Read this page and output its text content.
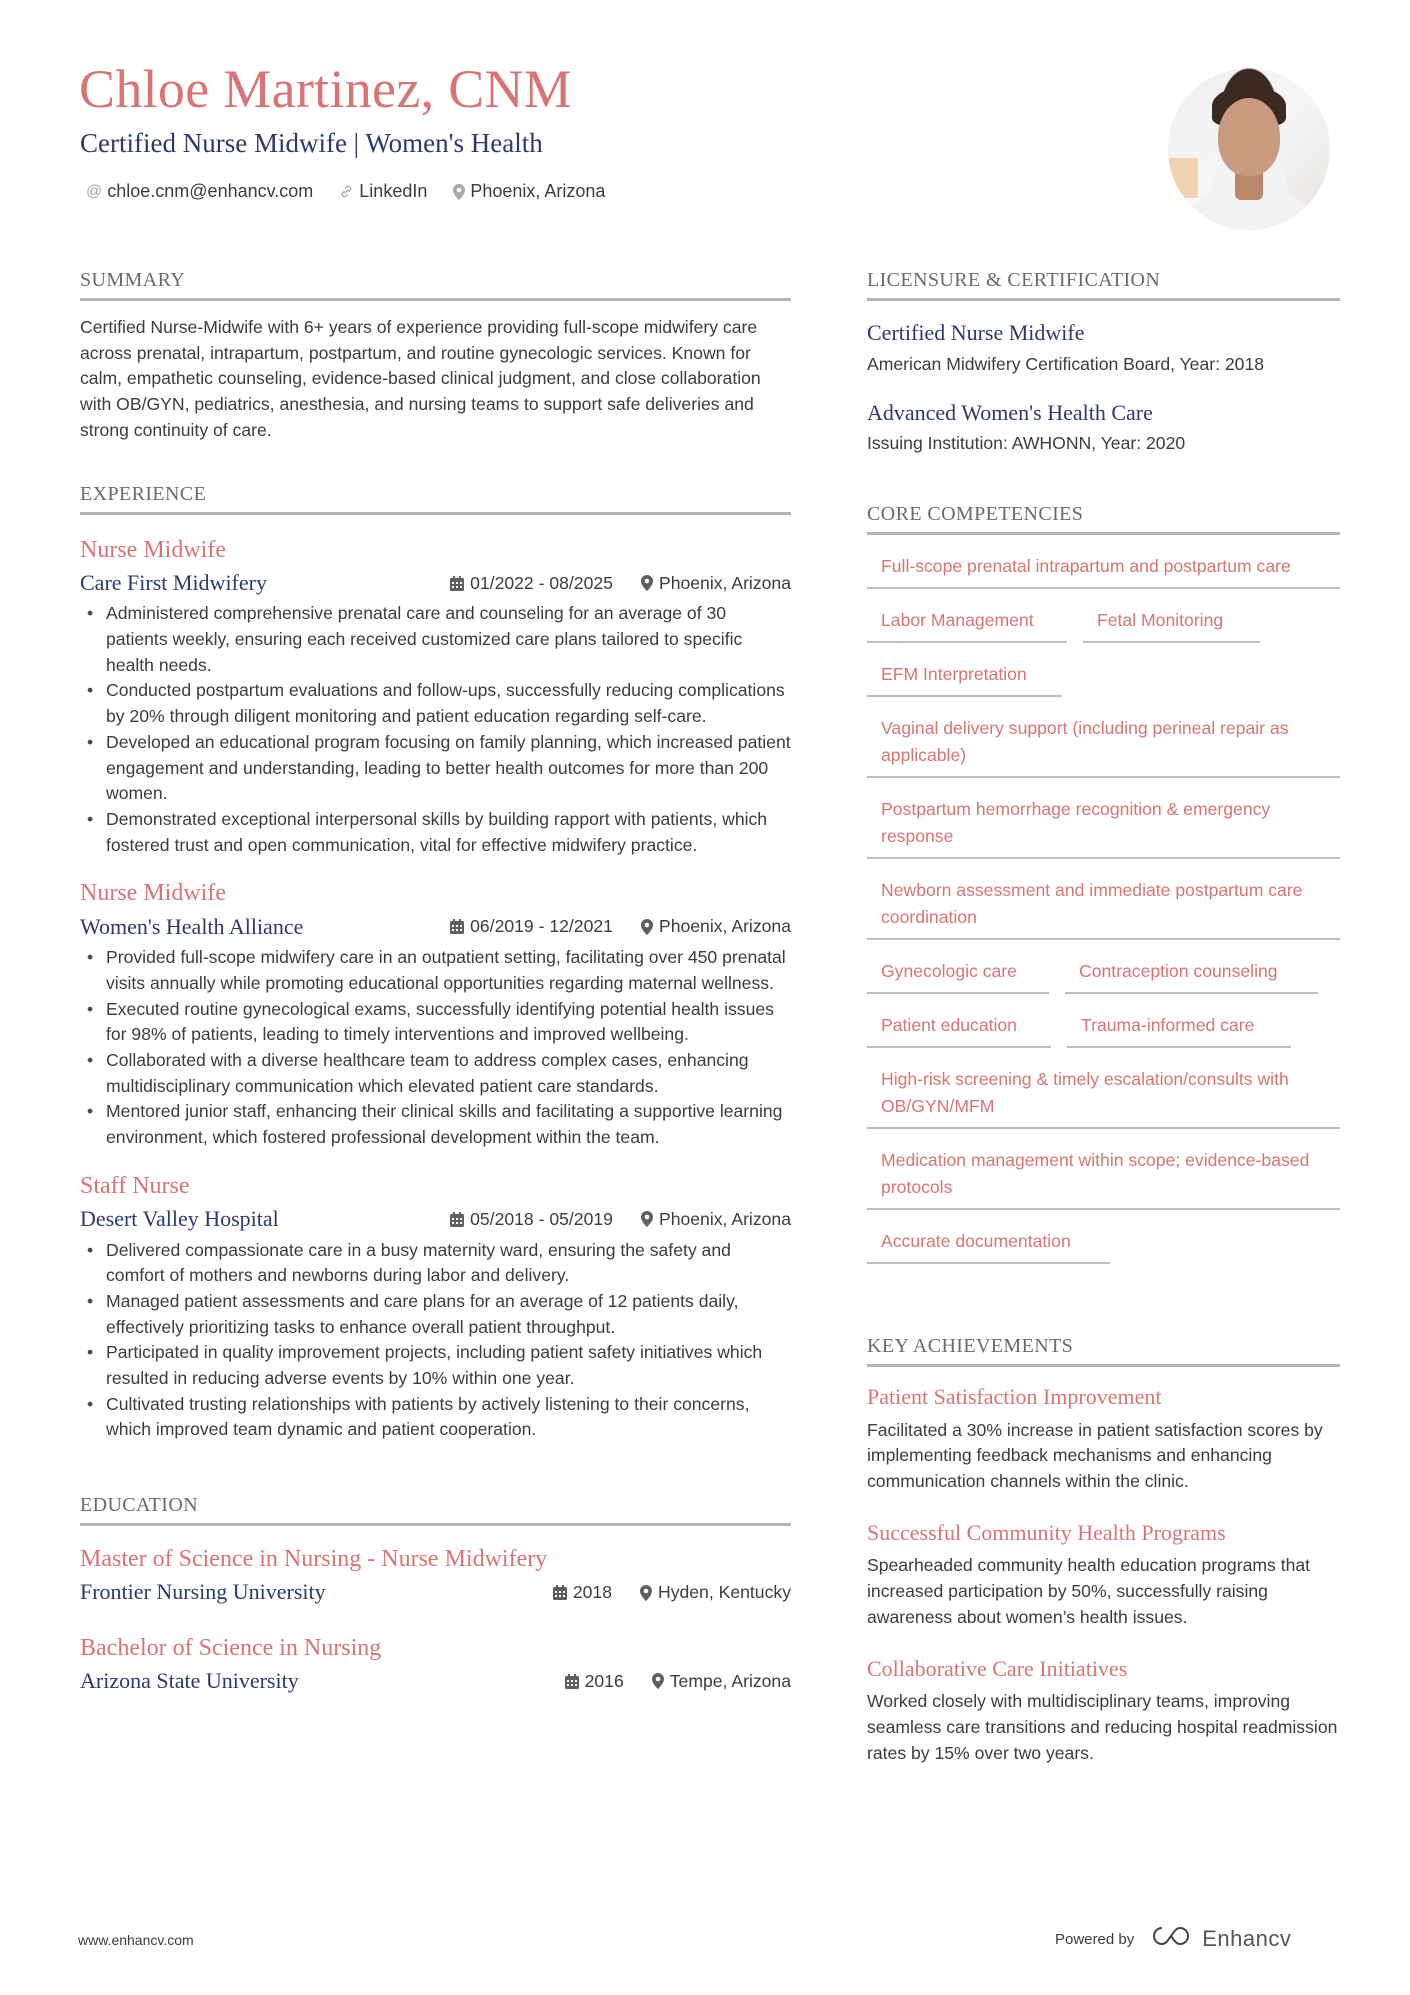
Chloe Martinez, CNM
Certified Nurse Midwife | Women's Health
@ chloe.cnm@enhancv.com	LinkedIn Phoenix, Arizona
SUMMARY

Certified Nurse-Midwife with 6+ years of experience providing full-scope midwifery care across prenatal, intrapartum, postpartum, and routine gynecologic services. Known for calm, empathetic counseling, evidence-based clinical judgment, and close collaboration with OB/GYN, pediatrics, anesthesia, and nursing teams to support safe deliveries and strong continuity of care.

EXPERIENCE
Nurse Midwife
Care First Midwifery	01/2022 - 08/2025	Phoenix, Arizona
• Administered comprehensive prenatal care and counseling for an average of 30 patients weekly, ensuring each received customized care plans tailored to specific health needs.
• Conducted postpartum evaluations and follow-ups, successfully reducing complications by 20% through diligent monitoring and patient education regarding self-care.
• Developed an educational program focusing on family planning, which increased patient engagement and understanding, leading to better health outcomes for more than 200 women.
• Demonstrated exceptional interpersonal skills by building rapport with patients, which fostered trust and open communication, vital for effective midwifery practice.
Nurse Midwife
Women's Health Alliance	06/2019 - 12/2021	Phoenix, Arizona
• Provided full-scope midwifery care in an outpatient setting, facilitating over 450 prenatal visits annually while promoting educational opportunities regarding maternal wellness.
• Executed routine gynecological exams, successfully identifying potential health issues for 98% of patients, leading to timely interventions and improved wellbeing.
• Collaborated with a diverse healthcare team to address complex cases, enhancing multidisciplinary communication which elevated patient care standards.
• Mentored junior staff, enhancing their clinical skills and facilitating a supportive learning environment, which fostered professional development within the team.
Staff Nurse
Desert Valley Hospital	05/2018 - 05/2019	Phoenix, Arizona
• Delivered compassionate care in a busy maternity ward, ensuring the safety and comfort of mothers and newborns during labor and delivery.
• Managed patient assessments and care plans for an average of 12 patients daily, effectively prioritizing tasks to enhance overall patient throughput.
• Participated in quality improvement projects, including patient safety initiatives which resulted in reducing adverse events by 10% within one year.
• Cultivated trusting relationships with patients by actively listening to their concerns, which improved team dynamic and patient cooperation.
EDUCATION
Master of Science in Nursing - Nurse Midwifery
Frontier Nursing University	2018	Hyden, Kentucky
Bachelor of Science in Nursing
Arizona State University	2016	Tempe, Arizona
LICENSURE & CERTIFICATION
Certified Nurse Midwife
American Midwifery Certification Board, Year: 2018
Advanced Women's Health Care
Issuing Institution: AWHONN, Year: 2020
CORE COMPETENCIES
Full-scope prenatal intrapartum and postpartum care
Labor Management	Fetal Monitoring
EFM Interpretation
Vaginal delivery support (including perineal repair as applicable)
Postpartum hemorrhage recognition & emergency response
Newborn assessment and immediate postpartum care coordination
Gynecologic care	Contraception counseling
Patient education	Trauma-informed care
High-risk screening & timely escalation/consults with OB/GYN/MFM
Medication management within scope; evidence-based protocols
Accurate documentation
KEY ACHIEVEMENTS
Patient Satisfaction Improvement
Facilitated a 30% increase in patient satisfaction scores by implementing feedback mechanisms and enhancing communication channels within the clinic.
Successful Community Health Programs
Spearheaded community health education programs that increased participation by 50%, successfully raising awareness about women’s health issues.
Collaborative Care Initiatives
Worked closely with multidisciplinary teams, improving seamless care transitions and reducing hospital readmission rates by 15% over two years.
www.enhancv.com	Powered by	Enhancv
